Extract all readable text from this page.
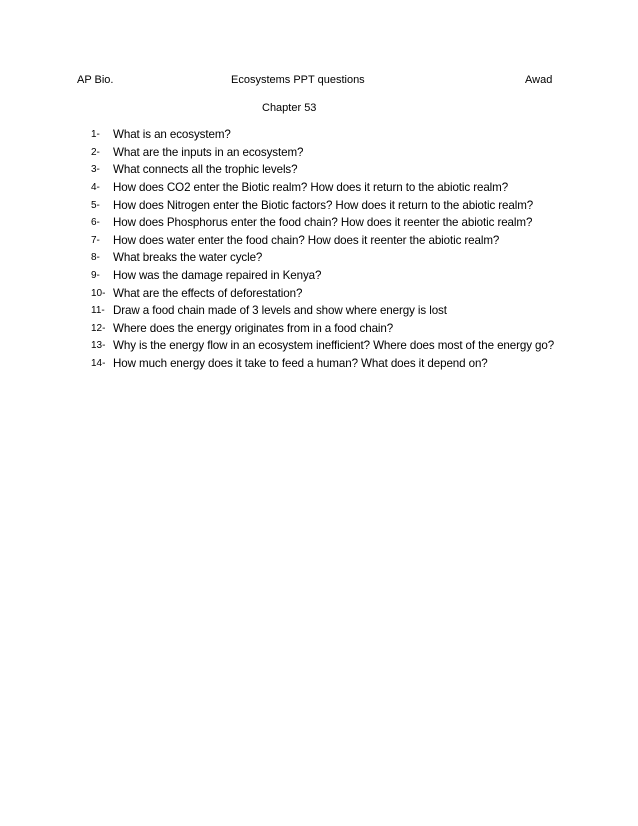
AP Bio.	Ecosystems PPT questions	Awad
Chapter 53
1-	What is an ecosystem?
2-	What are the inputs in an ecosystem?
3-	What connects all the trophic levels?
4-	How does CO2 enter the Biotic realm? How does it return to the abiotic realm?
5-	How does Nitrogen enter the Biotic factors? How does it return to the abiotic realm?
6-	How does Phosphorus enter the food chain? How does it reenter the abiotic realm?
7-	How does water enter the food chain? How does it reenter the abiotic realm?
8-	What breaks the water cycle?
9-	How was the damage repaired in Kenya?
10- What are the effects of deforestation?
11- Draw a food chain made of 3 levels and show where energy is lost
12- Where does the energy originates from in a food chain?
13- Why is the energy flow in an ecosystem inefficient? Where does most of the energy go?
14- How much energy does it take to feed a human? What does it depend on?
